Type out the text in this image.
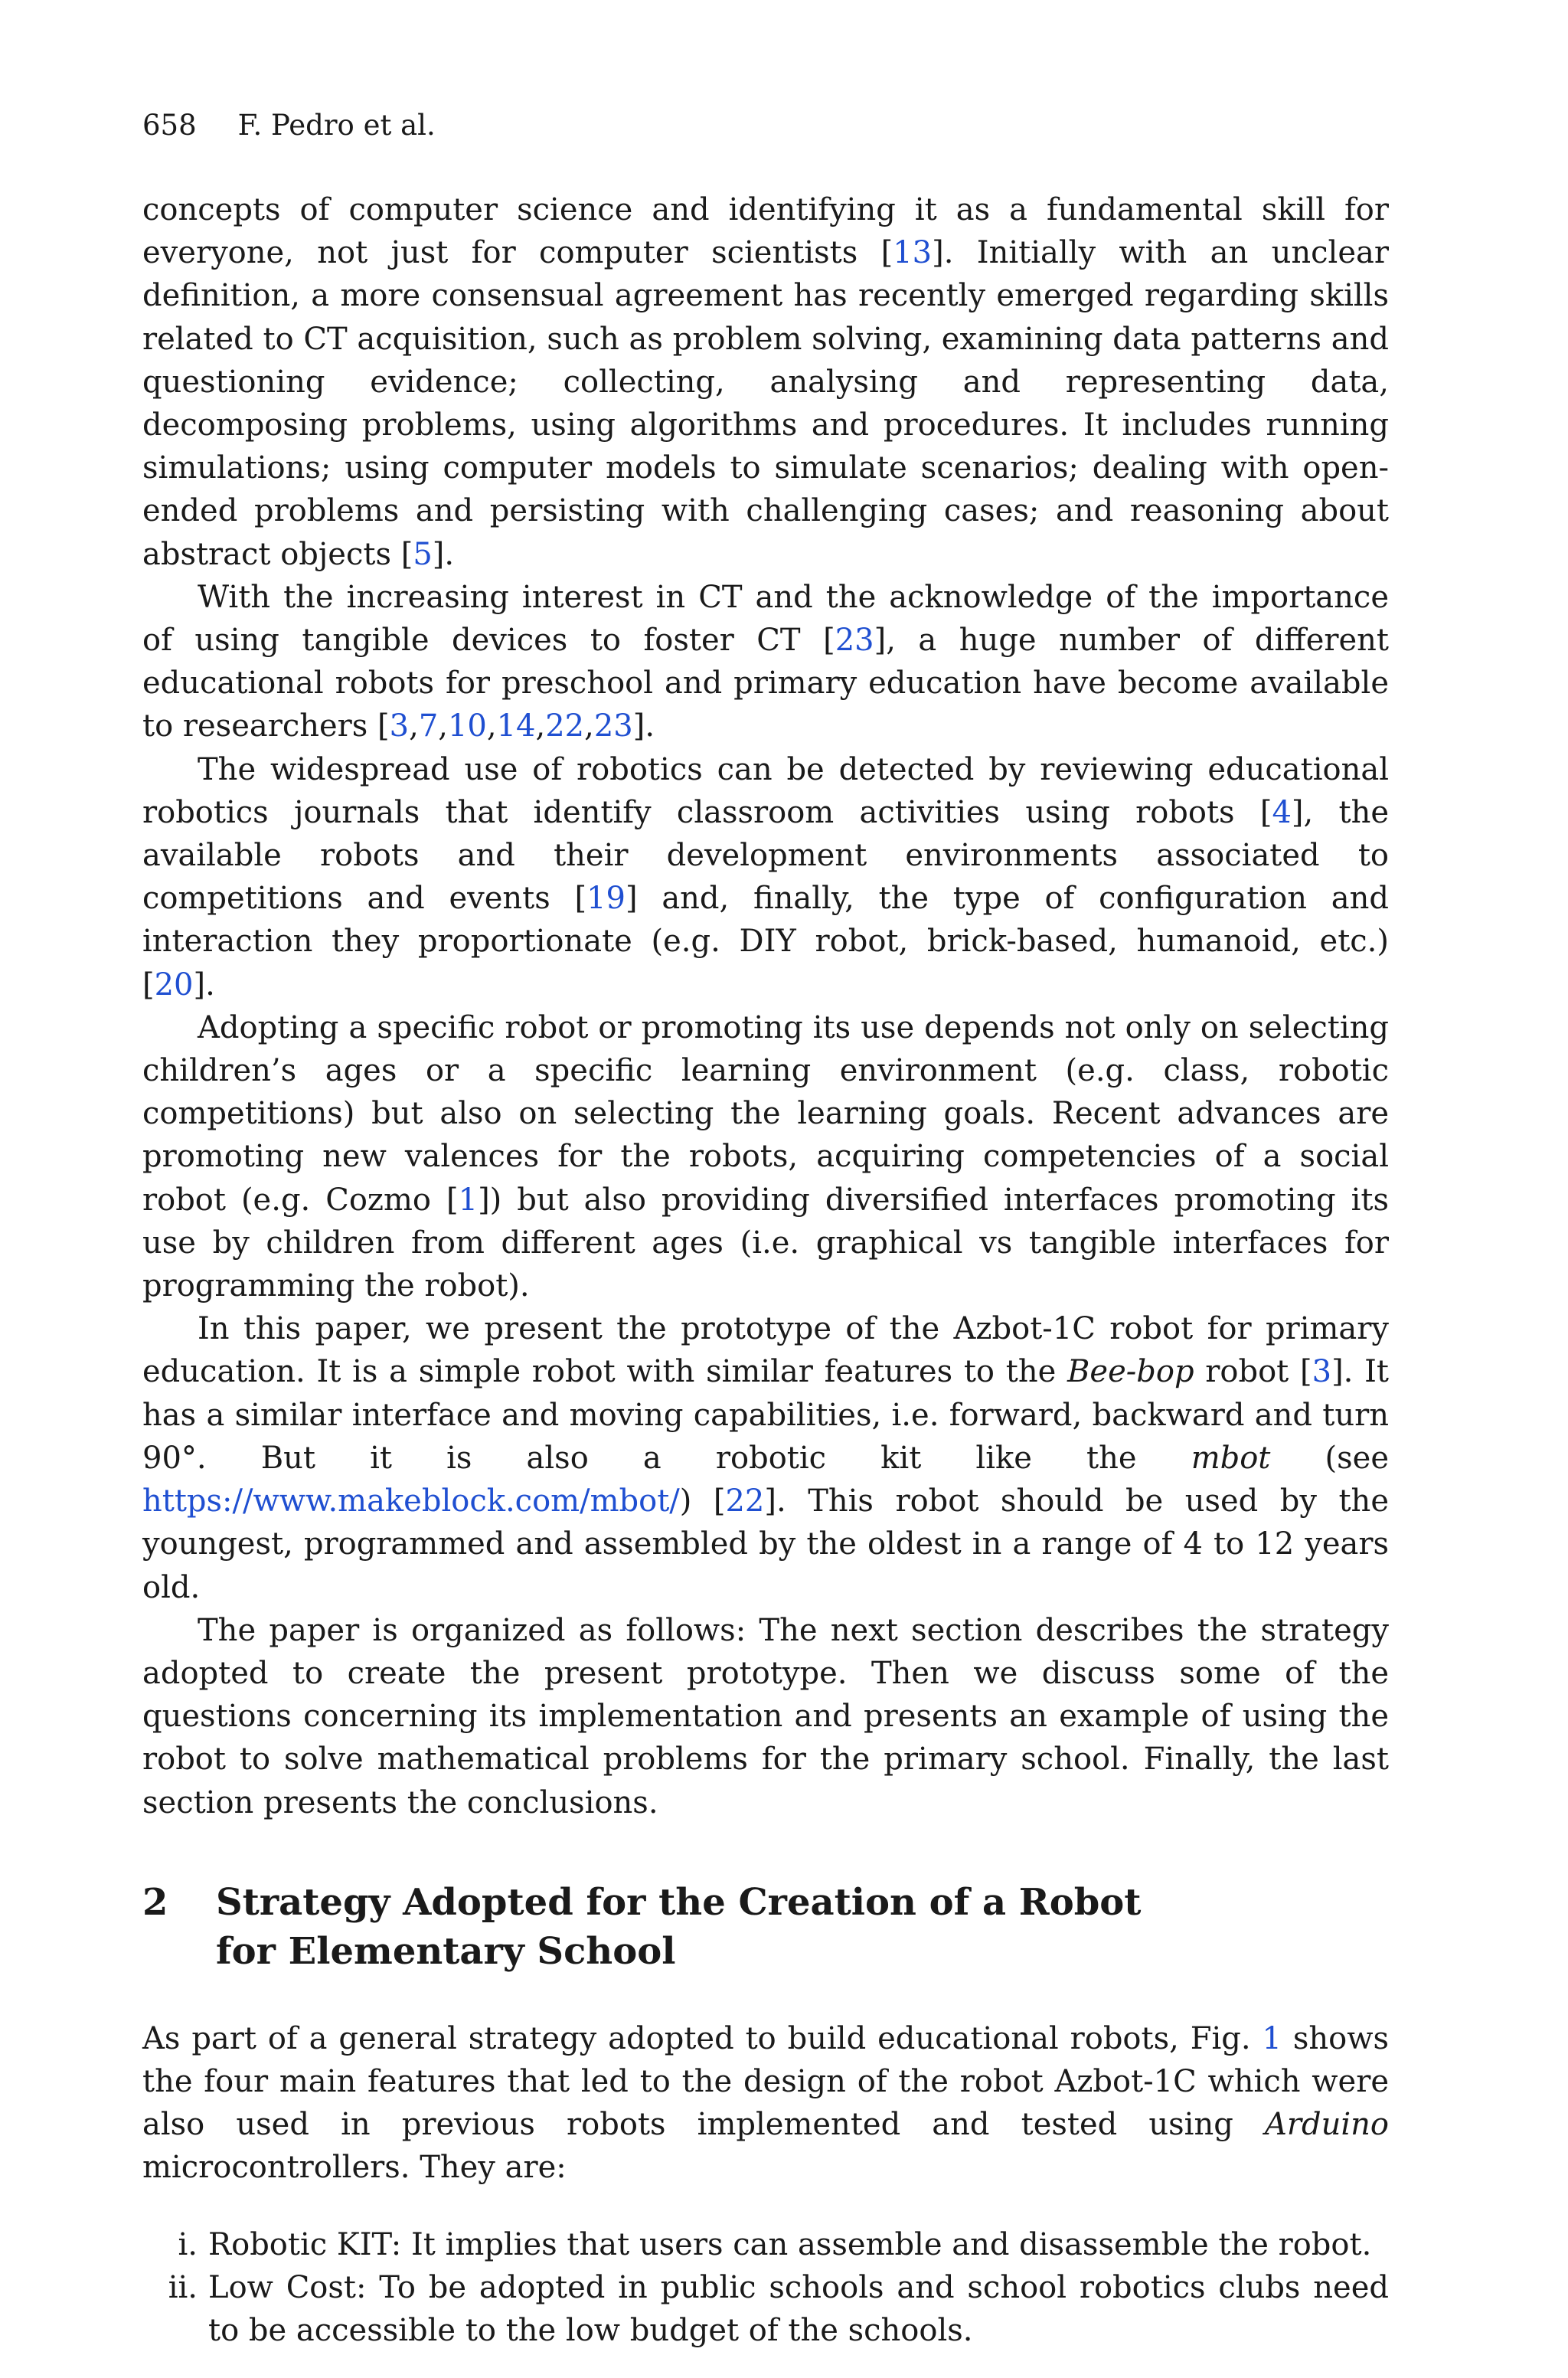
658 F. Pedro et al.

concepts of computer science and identifying it as a fundamental skill for everyone, not just for computer scientists [13]. Initially with an unclear definition, a more consensual agreement has recently emerged regarding skills related to CT acquisition, such as problem solving, examining data patterns and questioning evidence; collecting, analysing and representing data, decomposing problems, using algorithms and procedures. It includes running simulations; using computer models to simulate scenarios; dealing with open-ended problems and persisting with challenging cases; and reasoning about abstract objects [5].

With the increasing interest in CT and the acknowledge of the importance of using tangible devices to foster CT [23], a huge number of different educational robots for preschool and primary education have become available to researchers [3,7,10,14,22,23].

The widespread use of robotics can be detected by reviewing educational robotics journals that identify classroom activities using robots [4], the available robots and their development environments associated to competitions and events [19] and, finally, the type of configuration and interaction they proportionate (e.g. DIY robot, brick-based, humanoid, etc.) [20].

Adopting a specific robot or promoting its use depends not only on selecting children’s ages or a specific learning environment (e.g. class, robotic competitions) but also on selecting the learning goals. Recent advances are promoting new valences for the robots, acquiring competencies of a social robot (e.g. Cozmo [1]) but also providing diversified interfaces promoting its use by children from different ages (i.e. graphical vs tangible interfaces for programming the robot).

In this paper, we present the prototype of the Azbot-1C robot for primary education. It is a simple robot with similar features to the Bee-bop robot [3]. It has a similar interface and moving capabilities, i.e. forward, backward and turn 90°. But it is also a robotic kit like the mbot (see https://www.makeblock.com/mbot/) [22]. This robot should be used by the youngest, programmed and assembled by the oldest in a range of 4 to 12 years old.

The paper is organized as follows: The next section describes the strategy adopted to create the present prototype. Then we discuss some of the questions concerning its implementation and presents an example of using the robot to solve mathematical problems for the primary school. Finally, the last section presents the conclusions.

2	Strategy Adopted for the Creation of a Robot
for Elementary School

As part of a general strategy adopted to build educational robots, Fig. 1 shows the four main features that led to the design of the robot Azbot-1C which were also used in previous robots implemented and tested using Arduino microcontrollers. They are:

i. Robotic KIT: It implies that users can assemble and disassemble the robot.
ii. Low Cost: To be adopted in public schools and school robotics clubs need to be accessible to the low budget of the schools.
